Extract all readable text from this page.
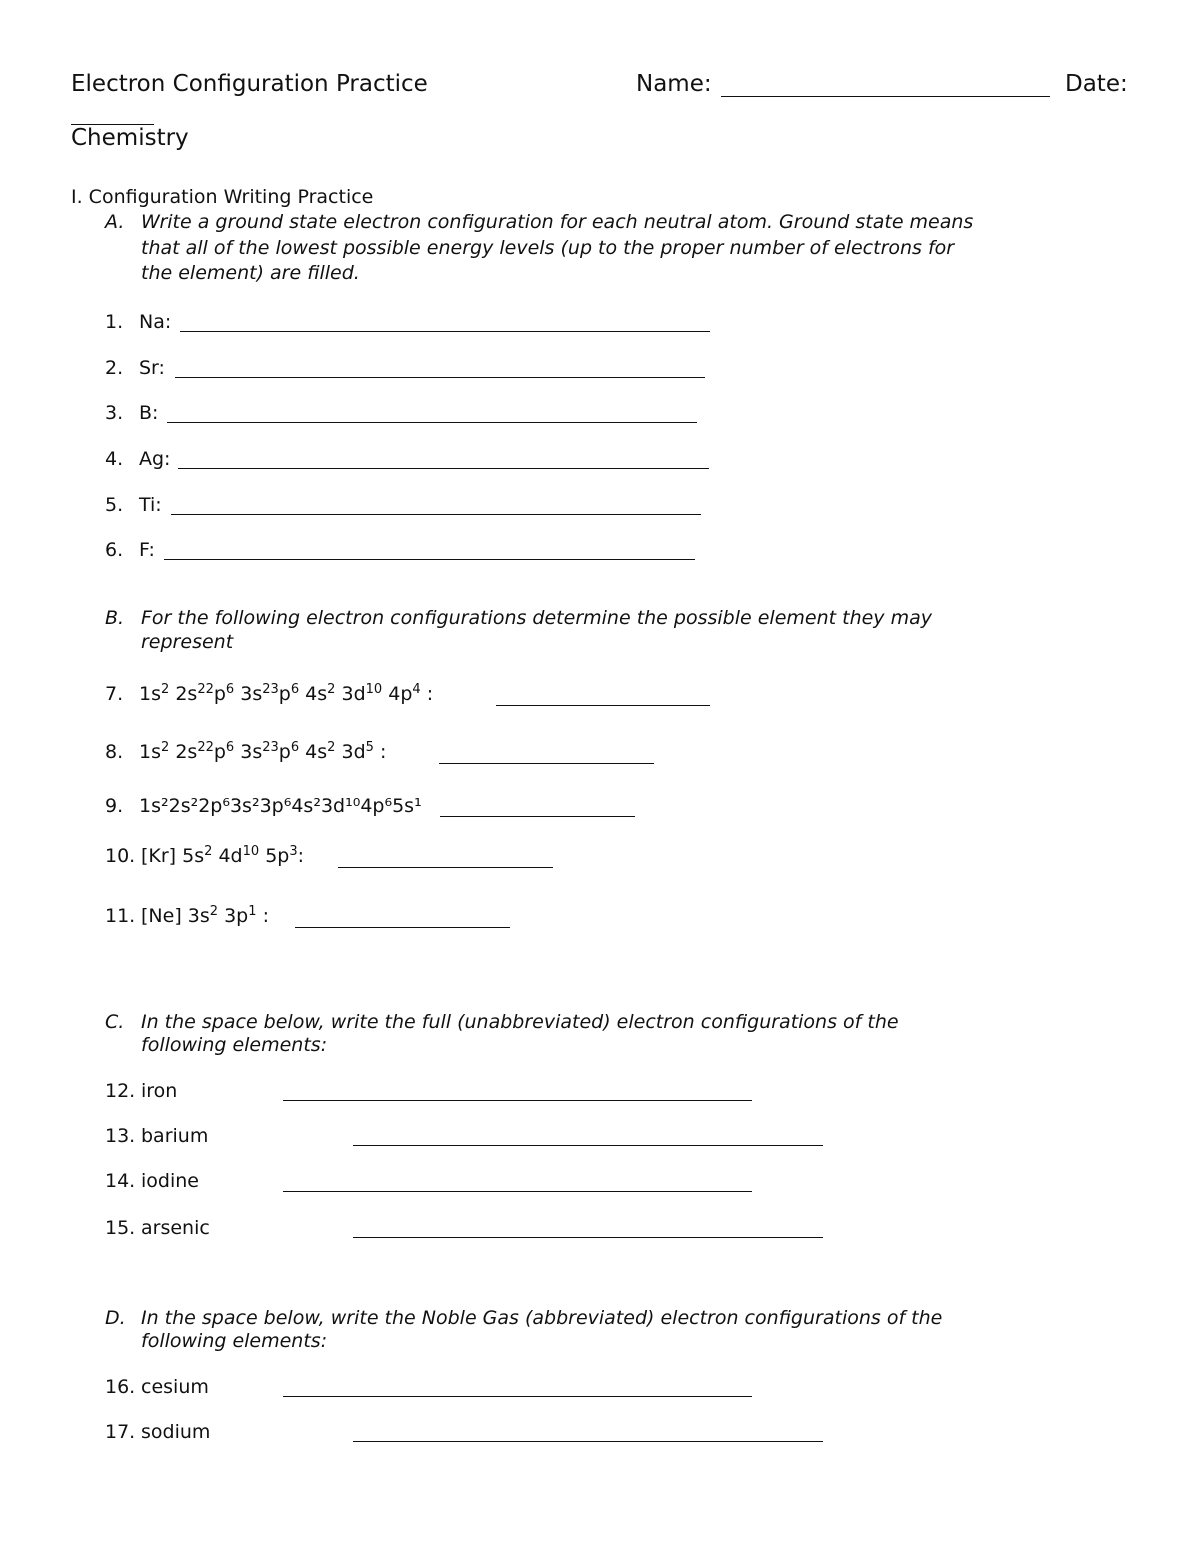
Electron Configuration Practice	Name:	Date:
Chemistry
I. Configuration Writing Practice
A. Write a ground state electron configuration for each neutral atom. Ground state means
that all of the lowest possible energy levels (up to the proper number of electrons for
the element) are filled.
1. Na:
2. Sr:
3. B:
4. Ag:
5. Ti:
6. F:
B. For the following electron configurations determine the possible element they may
represent
7. $1s^2$ $2s^{22}p^6$ $3s^{23}p^6$ $4s^2$ $3d^{10}$ $4p^4$ :
8. $1s^2$ $2s^{22}p^6$ $3s^{23}p^6$ $4s^2$ $3d^5$ :
9. 1s²2s²2p⁶3s²3p⁶4s²3d¹⁰4p⁶5s¹
10. [Kr] $5s^2$ $4d^{10}$ $5p^3$:
11. [Ne] $3s^2$ $3p^1$ :
C. In the space below, write the full (unabbreviated) electron configurations of the
following elements:
12. iron
13. barium
14. iodine
15. arsenic
D. In the space below, write the Noble Gas (abbreviated) electron configurations of the
following elements:
16. cesium
17. sodium
